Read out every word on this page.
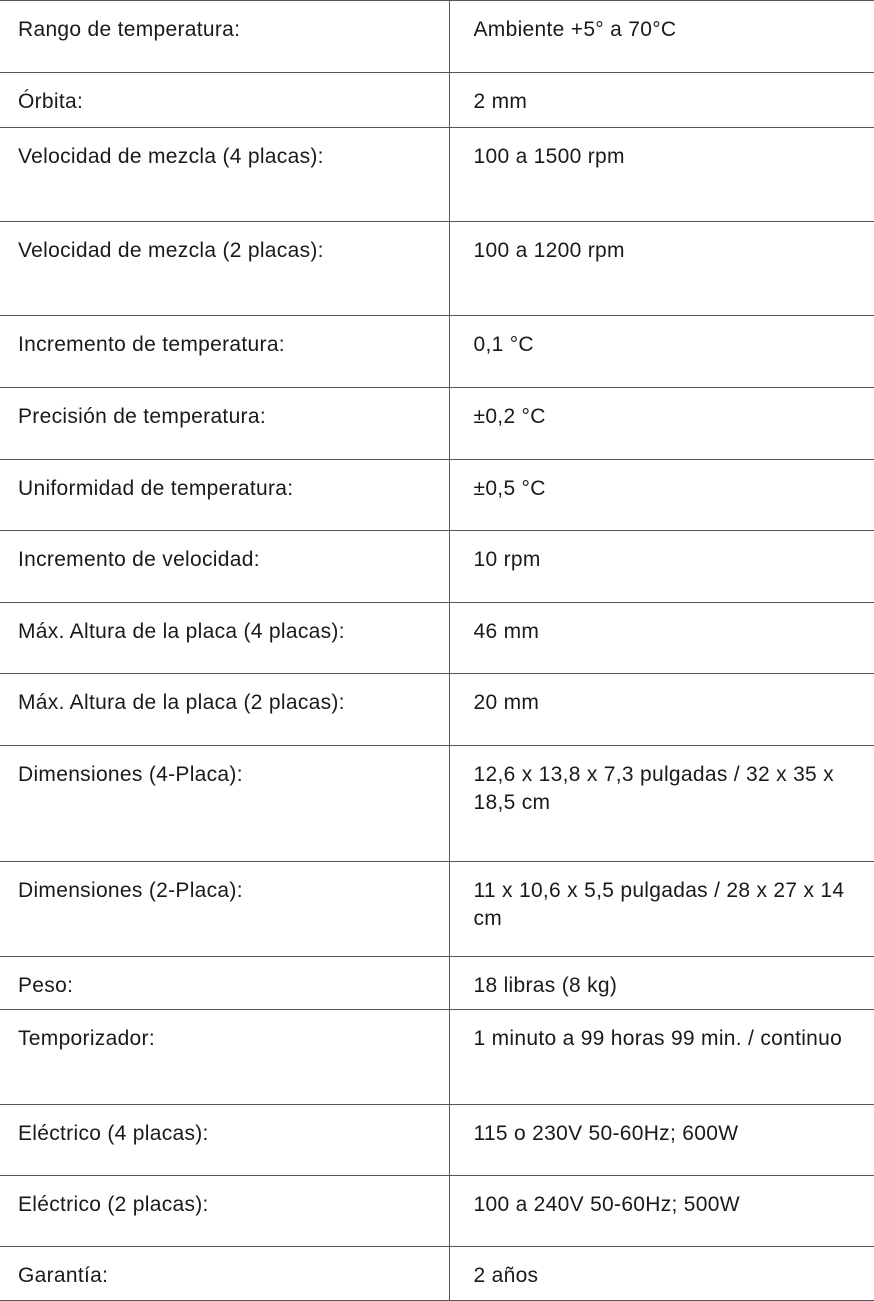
Rango de temperatura:	Ambiente +5° a 70°C
Órbita:	2 mm
Velocidad de mezcla (4 placas):	100 a 1500 rpm
Velocidad de mezcla (2 placas):	100 a 1200 rpm
Incremento de temperatura:	0,1 °C
Precisión de temperatura:	±0,2 °C
Uniformidad de temperatura:	±0,5 °C
Incremento de velocidad:	10 rpm
Máx. Altura de la placa (4 placas):	46 mm
Máx. Altura de la placa (2 placas):	20 mm
Dimensiones (4-Placa):	12,6 x 13,8 x 7,3 pulgadas / 32 x 35 x 18,5 cm
Dimensiones (2-Placa):	11 x 10,6 x 5,5 pulgadas / 28 x 27 x 14 cm
Peso:	18 libras (8 kg)
Temporizador:	1 minuto a 99 horas 99 min. / continuo
Eléctrico (4 placas):	115 o 230V 50-60Hz; 600W
Eléctrico (2 placas):	100 a 240V 50-60Hz; 500W
Garantía:	2 años
